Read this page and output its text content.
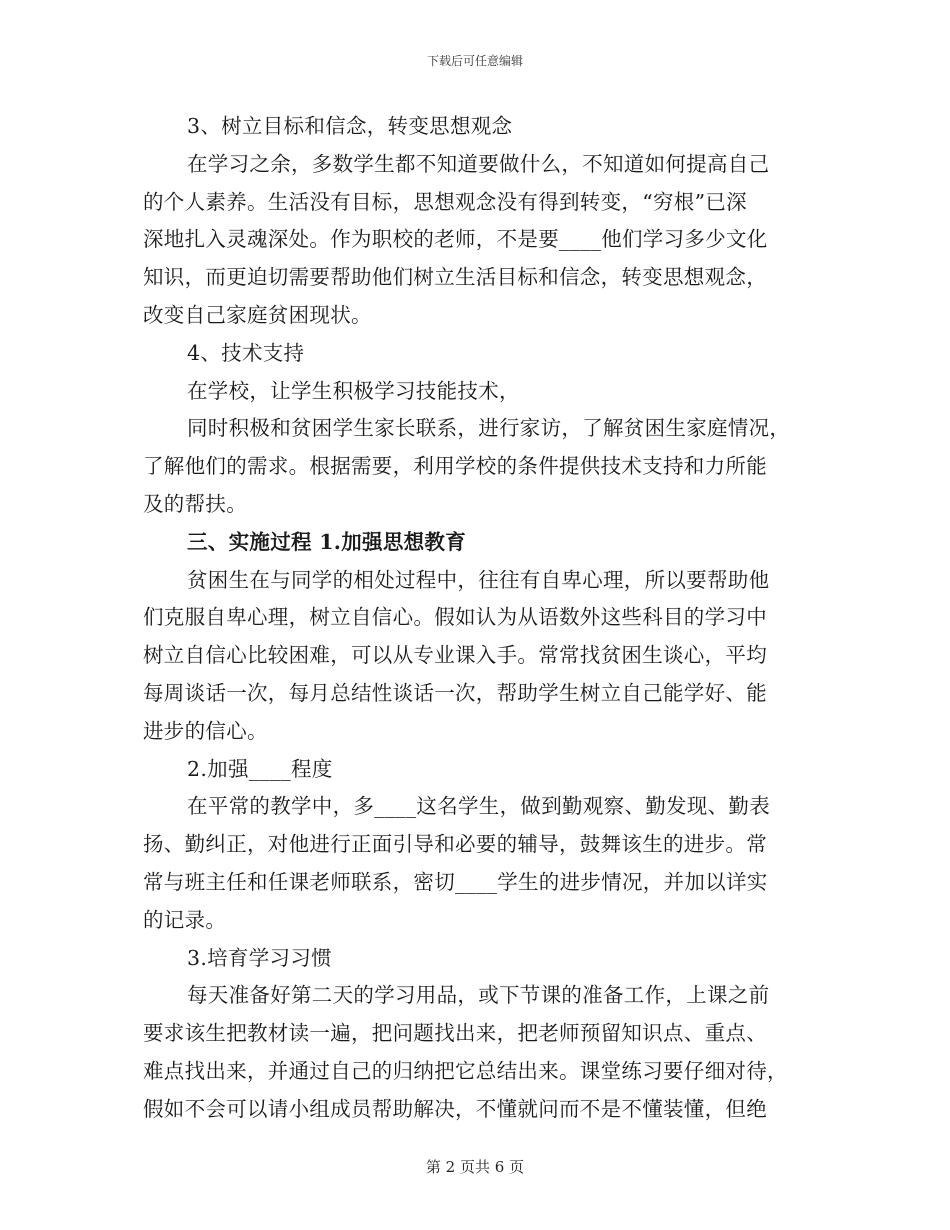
下载后可任意编辑
3、树立目标和信念，转变思想观念
在学习之余，多数学生都不知道要做什么，不知道如何提高自己
的个人素养。生活没有目标，思想观念没有得到转变，“穷根”已深
深地扎入灵魂深处。作为职校的老师，不是要____他们学习多少文化
知识，而更迫切需要帮助他们树立生活目标和信念，转变思想观念，
改变自己家庭贫困现状。
4、技术支持
在学校，让学生积极学习技能技术，
同时积极和贫困学生家长联系，进行家访，了解贫困生家庭情况，
了解他们的需求。根据需要，利用学校的条件提供技术支持和力所能
及的帮扶。
三、实施过程 1.加强思想教育
贫困生在与同学的相处过程中，往往有自卑心理，所以要帮助他
们克服自卑心理，树立自信心。假如认为从语数外这些科目的学习中
树立自信心比较困难，可以从专业课入手。常常找贫困生谈心，平均
每周谈话一次，每月总结性谈话一次，帮助学生树立自己能学好、能
进步的信心。
2.加强____程度
在平常的教学中，多____这名学生，做到勤观察、勤发现、勤表
扬、勤纠正，对他进行正面引导和必要的辅导，鼓舞该生的进步。常
常与班主任和任课老师联系，密切____学生的进步情况，并加以详实
的记录。
3.培育学习习惯
每天准备好第二天的学习用品，或下节课的准备工作，上课之前
要求该生把教材读一遍，把问题找出来，把老师预留知识点、重点、
难点找出来，并通过自己的归纳把它总结出来。课堂练习要仔细对待，
假如不会可以请小组成员帮助解决，不懂就问而不是不懂装懂，但绝
第 2 页共 6 页
